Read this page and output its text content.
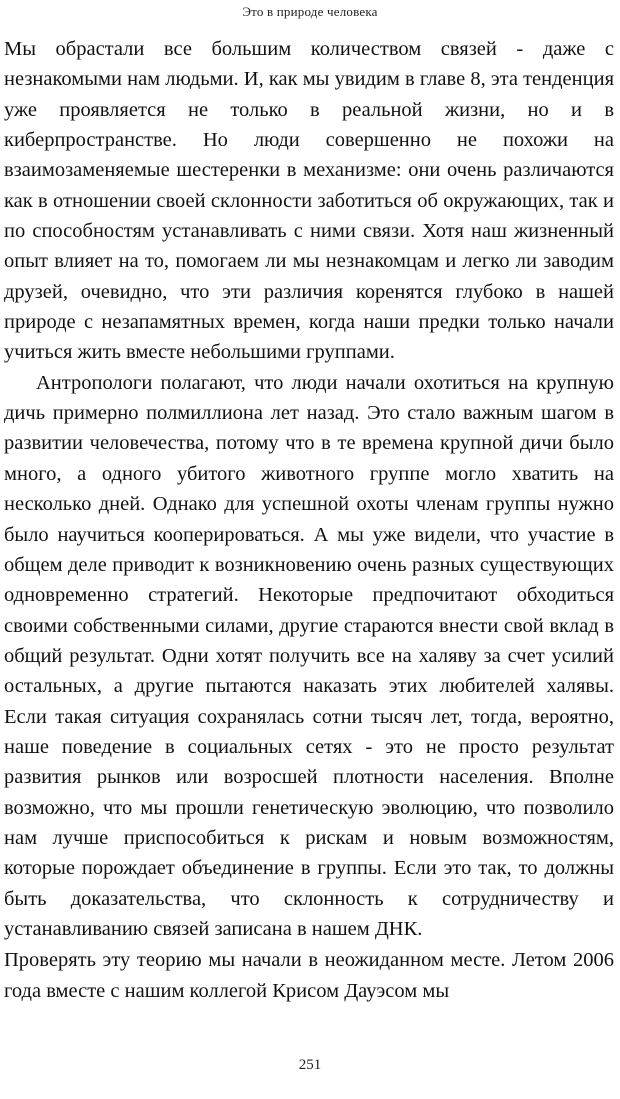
Это в природе человека

Мы обрастали все большим количеством связей - даже с незнакомыми нам людьми. И, как мы увидим в главе 8, эта тенденция уже проявляется не только в реальной жизни, но и в киберпространстве. Но люди совершенно не похожи на взаимозаменяемые шестеренки в механизме: они очень различаются как в отношении своей склонности заботиться об окружающих, так и по способностям устанавливать с ними связи. Хотя наш жизненный опыт влияет на то, помогаем ли мы незнакомцам и легко ли заводим друзей, очевидно, что эти различия коренятся глубоко в нашей природе с незапамятных времен, когда наши предки только начали учиться жить вместе небольшими группами.

Антропологи полагают, что люди начали охотиться на крупную дичь примерно полмиллиона лет назад. Это стало важным шагом в развитии человечества, потому что в те времена крупной дичи было много, а одного убитого животного группе могло хватить на несколько дней. Однако для успешной охоты членам группы нужно было научиться кооперироваться. А мы уже видели, что участие в общем деле приводит к возникновению очень разных существующих одновременно стратегий. Некоторые предпочитают обходиться своими собственными силами, другие стараются внести свой вклад в общий результат. Одни хотят получить все на халяву за счет усилий остальных, а другие пытаются наказать этих любителей халявы. Если такая ситуация сохранялась сотни тысяч лет, тогда, вероятно, наше поведение в социальных сетях - это не просто результат развития рынков или возросшей плотности населения. Вполне возможно, что мы прошли генетическую эволюцию, что позволило нам лучше приспособиться к рискам и новым возможностям, которые порождает объединение в группы. Если это так, то должны быть доказательства, что склонность к сотрудничеству и устанавливанию связей записана в нашем ДНК.

Проверять эту теорию мы начали в неожиданном месте. Летом 2006 года вместе с нашим коллегой Крисом Дауэсом мы

251
